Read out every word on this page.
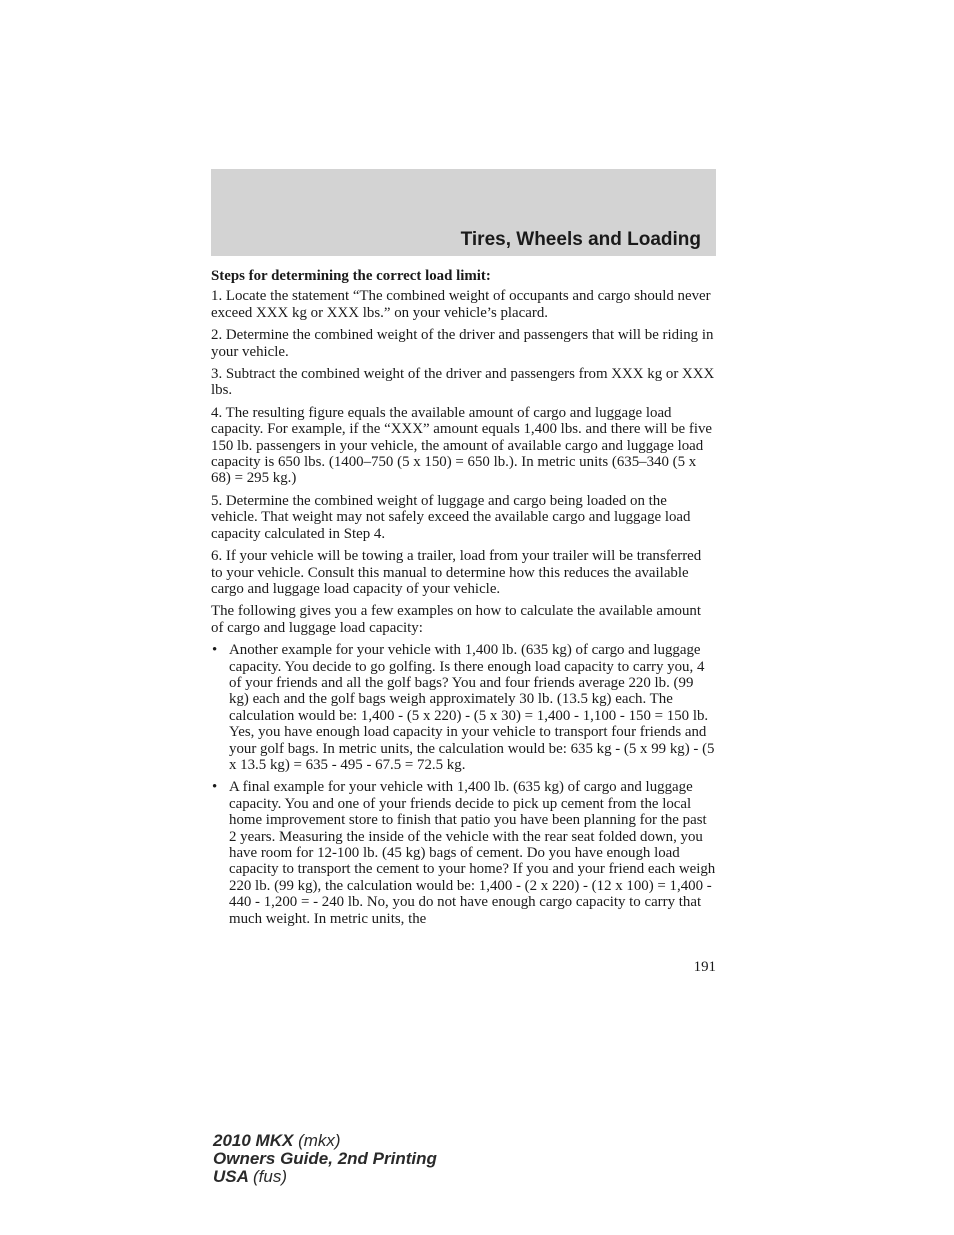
Tires, Wheels and Loading

Steps for determining the correct load limit:

1. Locate the statement “The combined weight of occupants and cargo should never exceed XXX kg or XXX lbs.” on your vehicle’s placard.

2. Determine the combined weight of the driver and passengers that will be riding in your vehicle.

3. Subtract the combined weight of the driver and passengers from XXX kg or XXX lbs.

4. The resulting figure equals the available amount of cargo and luggage load capacity. For example, if the “XXX” amount equals 1,400 lbs. and there will be five 150 lb. passengers in your vehicle, the amount of available cargo and luggage load capacity is 650 lbs. (1400–750 (5 x 150) = 650 lb.). In metric units (635–340 (5 x 68) = 295 kg.)

5. Determine the combined weight of luggage and cargo being loaded on the vehicle. That weight may not safely exceed the available cargo and luggage load capacity calculated in Step 4.

6. If your vehicle will be towing a trailer, load from your trailer will be transferred to your vehicle. Consult this manual to determine how this reduces the available cargo and luggage load capacity of your vehicle.

The following gives you a few examples on how to calculate the available amount of cargo and luggage load capacity:

• Another example for your vehicle with 1,400 lb. (635 kg) of cargo and luggage capacity. You decide to go golfing. Is there enough load capacity to carry you, 4 of your friends and all the golf bags? You and four friends average 220 lb. (99 kg) each and the golf bags weigh approximately 30 lb. (13.5 kg) each. The calculation would be: 1,400 - (5 x 220) - (5 x 30) = 1,400 - 1,100 - 150 = 150 lb. Yes, you have enough load capacity in your vehicle to transport four friends and your golf bags. In metric units, the calculation would be: 635 kg - (5 x 99 kg) - (5 x 13.5 kg) = 635 - 495 - 67.5 = 72.5 kg.
• A final example for your vehicle with 1,400 lb. (635 kg) of cargo and luggage capacity. You and one of your friends decide to pick up cement from the local home improvement store to finish that patio you have been planning for the past 2 years. Measuring the inside of the vehicle with the rear seat folded down, you have room for 12-100 lb. (45 kg) bags of cement. Do you have enough load capacity to transport the cement to your home? If you and your friend each weigh 220 lb. (99 kg), the calculation would be: 1,400 - (2 x 220) - (12 x 100) = 1,400 - 440 - 1,200 = - 240 lb. No, you do not have enough cargo capacity to carry that much weight. In metric units, the
191
2010 MKX (mkx)
Owners Guide, 2nd Printing
USA (fus)
